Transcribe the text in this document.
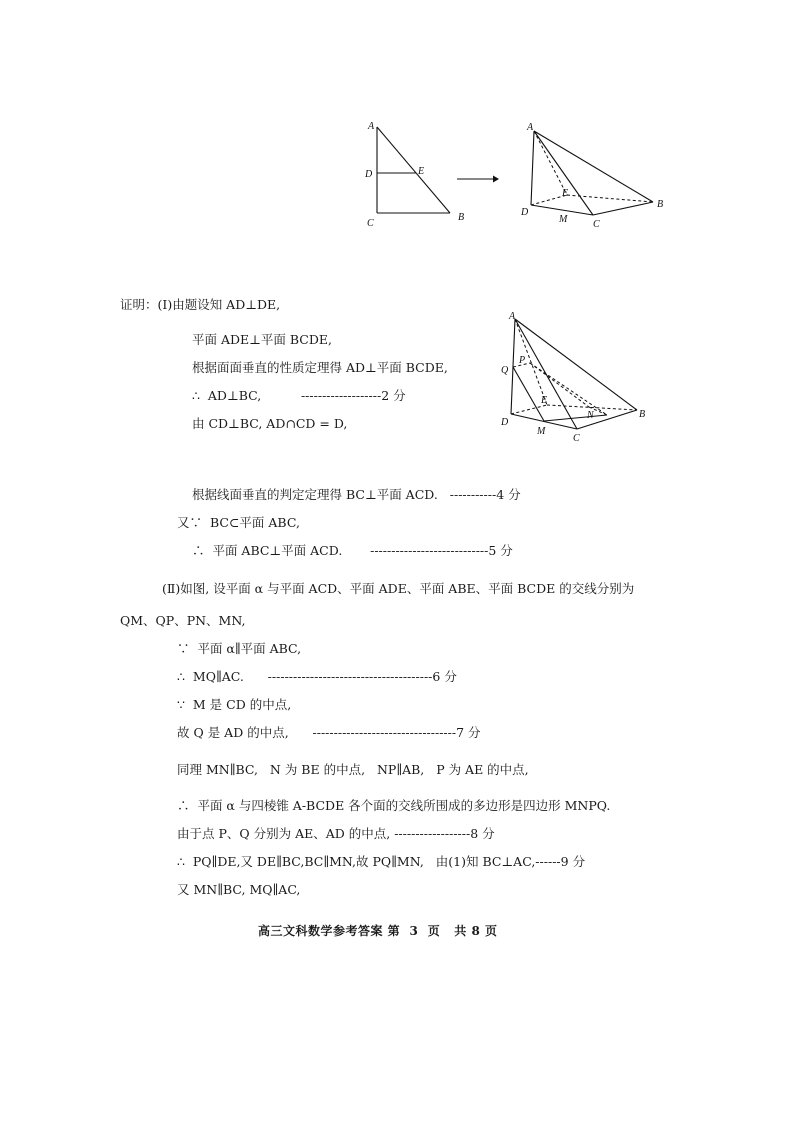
A
D	E
C
B
A
E
D
M	C
B
A
P
Q
E
N
D
M
C
B
证明：(Ⅰ)由题设知 AD⊥DE,
平面 ADE⊥平面 BCDE,
根据面面垂直的性质定理得 AD⊥平面 BCDE,
∴  AD⊥BC,          -------------------2 分
由 CD⊥BC, AD∩CD = D,
根据线面垂直的判定定理得 BC⊥平面 ACD.   -----------4 分
又∵  BC⊂平面 ABC,
∴  平面 ABC⊥平面 ACD.       ----------------------------5 分
(Ⅱ)如图, 设平面 α 与平面 ACD、平面 ADE、平面 ABE、平面 BCDE 的交线分别为
QM、QP、PN、MN,
∵  平面 α∥平面 ABC,
∴  MQ∥AC.      ---------------------------------------6 分
∵  M 是 CD 的中点,
故 Q 是 AD 的中点,      ----------------------------------7 分
同理 MN∥BC,   N 为 BE 的中点,   NP∥AB,   P 为 AE 的中点,
∴  平面 α 与四棱锥 A-BCDE 各个面的交线所围成的多边形是四边形 MNPQ.
由于点 P、Q 分别为 AE、AD 的中点, ------------------8 分
∴  PQ∥DE,又 DE∥BC,BC∥MN,故 PQ∥MN,   由(1)知 BC⊥AC,------9 分
又 MN∥BC, MQ∥AC,
高三文科数学参考答案 第  3  页   共 8 页
